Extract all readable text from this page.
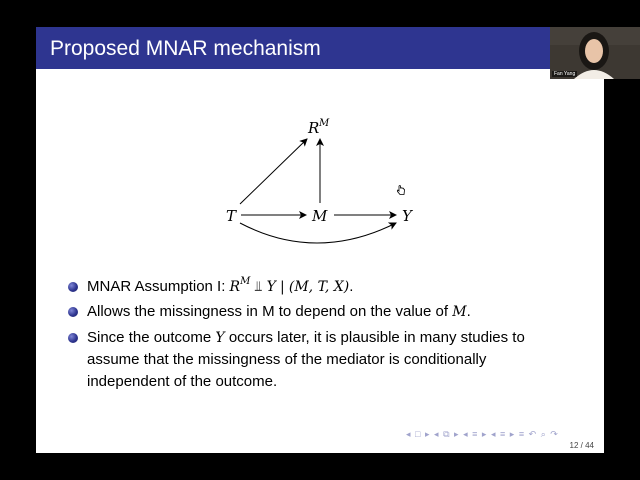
Proposed MNAR mechanism
T	M	Y
R M
MNAR Assumption I: $R^M$ ⫫ Y | (M, T, X).
Allows the missingness in M to depend on the value of M.
Since the outcome Y occurs later, it is plausible in many studies to
assume that the missingness of the mediator is conditionally
independent of the outcome.
◂ □ ▸ ◂ ⧉ ▸ ◂ ≡ ▸ ◂ ≡ ▸ ≡ ↶ ⌕ ↷
12 / 44
Fan Yang
